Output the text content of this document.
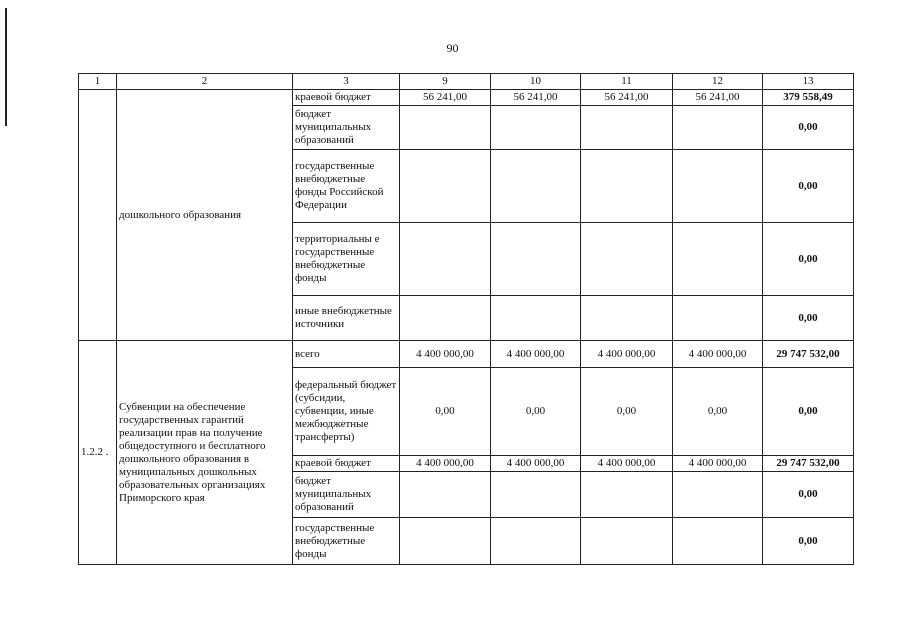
90
1	2	3	9	10	11	12	13
	дошкольного образования	краевой бюджет	56 241,00	56 241,00	56 241,00	56 241,00	379 558,49
		бюджет муниципальных образований					0,00
		государственные внебюджетные фонды Российской Федерации					0,00
		территориальны е государственные внебюджетные фонды					0,00
		иные внебюджетные источники					0,00
1.2.2 .	Субвенции на обеспечение государственных гарантий реализации прав на получение общедоступного и бесплатного дошкольного образования в муниципальных дошкольных образовательных организациях Приморского края	всего	4 400 000,00	4 400 000,00	4 400 000,00	4 400 000,00	29 747 532,00
		федеральный бюджет (субсидии, субвенции, иные межбюджетные трансферты)	0,00	0,00	0,00	0,00	0,00
		краевой бюджет	4 400 000,00	4 400 000,00	4 400 000,00	4 400 000,00	29 747 532,00
		бюджет муниципальных образований					0,00
		государственные внебюджетные фонды					0,00
